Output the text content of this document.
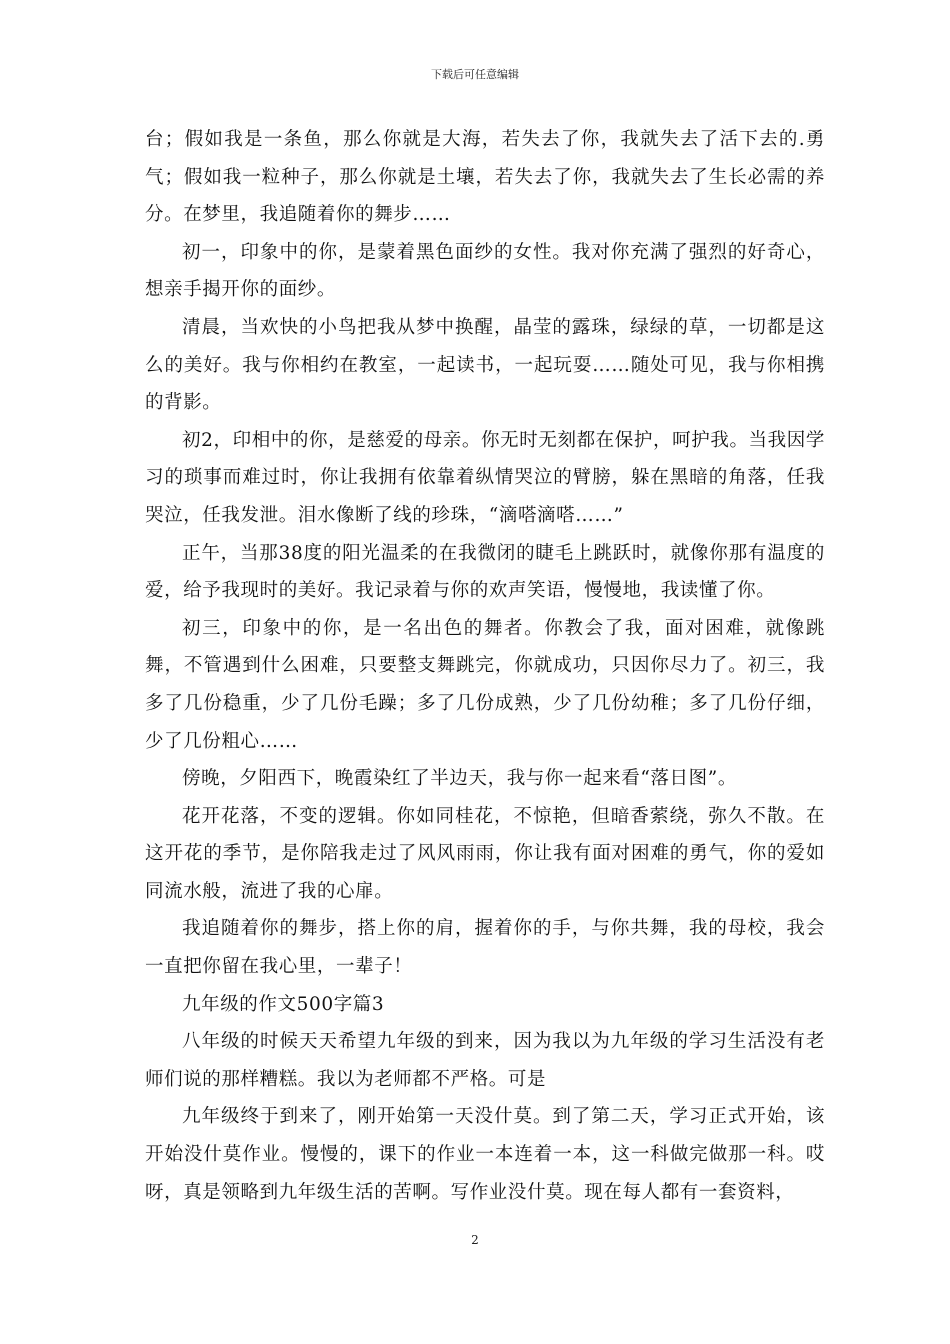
下载后可任意编辑

台；假如我是一条鱼，那么你就是大海，若失去了你，我就失去了活下去的.勇气；假如我一粒种子，那么你就是土壤，若失去了你，我就失去了生长必需的养分。在梦里，我追随着你的舞步……

初一，印象中的你，是蒙着黑色面纱的女性。我对你充满了强烈的好奇心，想亲手揭开你的面纱。

清晨，当欢快的小鸟把我从梦中换醒，晶莹的露珠，绿绿的草，一切都是这么的美好。我与你相约在教室，一起读书，一起玩耍……随处可见，我与你相携的背影。

初2，印相中的你，是慈爱的母亲。你无时无刻都在保护，呵护我。当我因学习的琐事而难过时，你让我拥有依靠着纵情哭泣的臂膀，躲在黑暗的角落，任我哭泣，任我发泄。泪水像断了线的珍珠，“滴嗒滴嗒……”

正午，当那38度的阳光温柔的在我微闭的睫毛上跳跃时，就像你那有温度的爱，给予我现时的美好。我记录着与你的欢声笑语，慢慢地，我读懂了你。

初三，印象中的你，是一名出色的舞者。你教会了我，面对困难，就像跳舞，不管遇到什么困难，只要整支舞跳完，你就成功，只因你尽力了。初三，我多了几份稳重，少了几份毛躁；多了几份成熟，少了几份幼稚；多了几份仔细，少了几份粗心……

傍晚，夕阳西下，晚霞染红了半边天，我与你一起来看“落日图”。

花开花落，不变的逻辑。你如同桂花，不惊艳，但暗香萦绕，弥久不散。在这开花的季节，是你陪我走过了风风雨雨，你让我有面对困难的勇气，你的爱如同流水般，流进了我的心扉。

我追随着你的舞步，搭上你的肩，握着你的手，与你共舞，我的母校，我会一直把你留在我心里，一辈子！

九年级的作文500字篇3

八年级的时候天天希望九年级的到来，因为我以为九年级的学习生活没有老师们说的那样糟糕。我以为老师都不严格。可是

九年级终于到来了，刚开始第一天没什莫。到了第二天，学习正式开始，该开始没什莫作业。慢慢的，课下的作业一本连着一本，这一科做完做那一科。哎呀，真是领略到九年级生活的苦啊。写作业没什莫。现在每人都有一套资料，

2
